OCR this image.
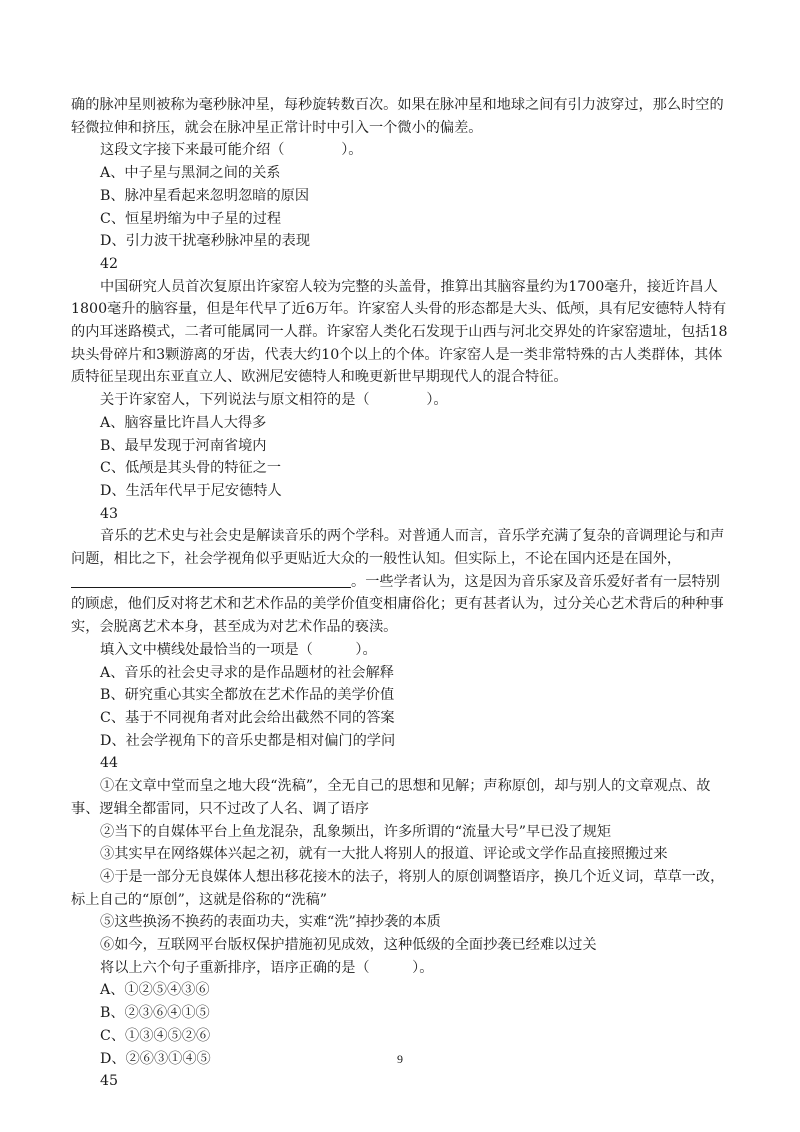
确的脉冲星则被称为毫秒脉冲星，每秒旋转数百次。如果在脉冲星和地球之间有引力波穿过，那么时空的轻微拉伸和挤压，就会在脉冲星正常计时中引入一个微小的偏差。

这段文字接下来最可能介绍（　　　　）。

A、中子星与黑洞之间的关系

B、脉冲星看起来忽明忽暗的原因

C、恒星坍缩为中子星的过程

D、引力波干扰毫秒脉冲星的表现

42

中国研究人员首次复原出许家窑人较为完整的头盖骨，推算出其脑容量约为1700毫升，接近许昌人1800毫升的脑容量，但是年代早了近6万年。许家窑人头骨的形态都是大头、低颅，具有尼安德特人特有的内耳迷路模式，二者可能属同一人群。许家窑人类化石发现于山西与河北交界处的许家窑遗址，包括18块头骨碎片和3颗游离的牙齿，代表大约10个以上的个体。许家窑人是一类非常特殊的古人类群体，其体质特征呈现出东亚直立人、欧洲尼安德特人和晚更新世早期现代人的混合特征。

关于许家窑人，下列说法与原文相符的是（　　　　）。

A、脑容量比许昌人大得多

B、最早发现于河南省境内

C、低颅是其头骨的特征之一

D、生活年代早于尼安德特人

43

音乐的艺术史与社会史是解读音乐的两个学科。对普通人而言，音乐学充满了复杂的音调理论与和声问题，相比之下，社会学视角似乎更贴近大众的一般性认知。但实际上，不论在国内还是在国外，。一些学者认为，这是因为音乐家及音乐爱好者有一层特别的顾虑，他们反对将艺术和艺术作品的美学价值变相庸俗化；更有甚者认为，过分关心艺术背后的种种事实，会脱离艺术本身，甚至成为对艺术作品的亵渎。

填入文中横线处最恰当的一项是（　　　）。

A、音乐的社会史寻求的是作品题材的社会解释

B、研究重心其实全都放在艺术作品的美学价值

C、基于不同视角者对此会给出截然不同的答案

D、社会学视角下的音乐史都是相对偏门的学问

44

①在文章中堂而皇之地大段“洗稿”，全无自己的思想和见解；声称原创，却与别人的文章观点、故事、逻辑全都雷同，只不过改了人名、调了语序

②当下的自媒体平台上鱼龙混杂，乱象频出，许多所谓的“流量大号”早已没了规矩

③其实早在网络媒体兴起之初，就有一大批人将别人的报道、评论或文学作品直接照搬过来

④于是一部分无良媒体人想出移花接木的法子，将别人的原创调整语序，换几个近义词，草草一改，标上自己的“原创”，这就是俗称的“洗稿”

⑤这些换汤不换药的表面功夫，实难“洗”掉抄袭的本质

⑥如今，互联网平台版权保护措施初见成效，这种低级的全面抄袭已经难以过关

将以上六个句子重新排序，语序正确的是（　　　）。

A、①②⑤④③⑥

B、②③⑥④①⑤

C、①③④⑤②⑥

D、②⑥③①④⑤

45

9
